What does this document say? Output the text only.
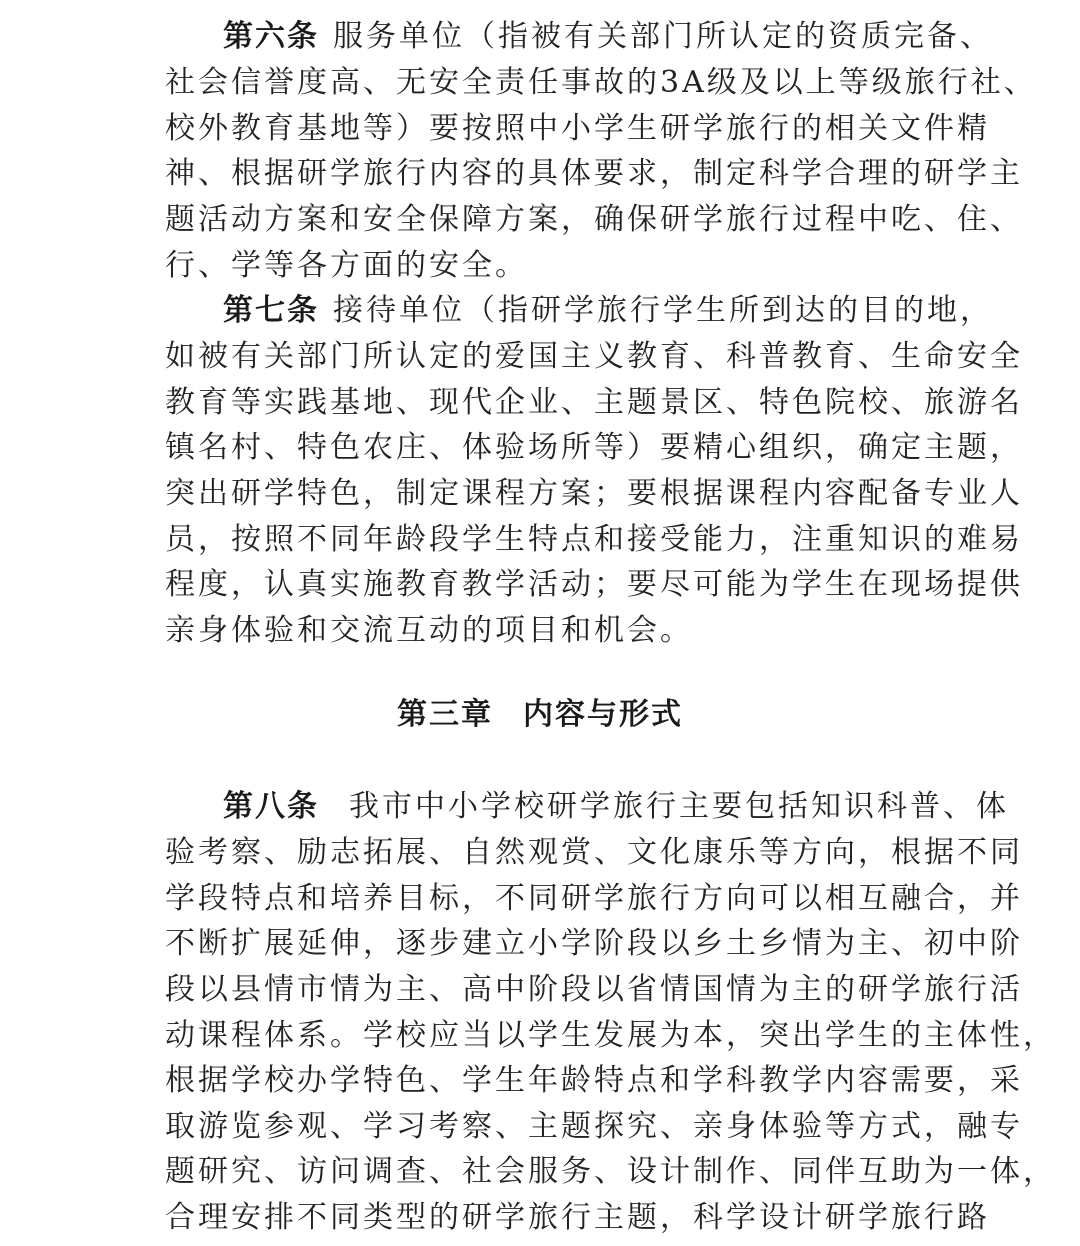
第六条 服务单位（指被有关部门所认定的资质完备、
社会信誉度高、无安全责任事故的3A级及以上等级旅行社、
校外教育基地等）要按照中小学生研学旅行的相关文件精
神、根据研学旅行内容的具体要求，制定科学合理的研学主
题活动方案和安全保障方案，确保研学旅行过程中吃、住、
行、学等各方面的安全。
第七条 接待单位（指研学旅行学生所到达的目的地，
如被有关部门所认定的爱国主义教育、科普教育、生命安全
教育等实践基地、现代企业、主题景区、特色院校、旅游名
镇名村、特色农庄、体验场所等）要精心组织，确定主题，
突出研学特色，制定课程方案；要根据课程内容配备专业人
员，按照不同年龄段学生特点和接受能力，注重知识的难易
程度，认真实施教育教学活动；要尽可能为学生在现场提供
亲身体验和交流互动的项目和机会。
第三章 内容与形式
第八条 我市中小学校研学旅行主要包括知识科普、体
验考察、励志拓展、自然观赏、文化康乐等方向，根据不同
学段特点和培养目标，不同研学旅行方向可以相互融合，并
不断扩展延伸，逐步建立小学阶段以乡土乡情为主、初中阶
段以县情市情为主、高中阶段以省情国情为主的研学旅行活
动课程体系。学校应当以学生发展为本，突出学生的主体性，
根据学校办学特色、学生年龄特点和学科教学内容需要，采
取游览参观、学习考察、主题探究、亲身体验等方式，融专
题研究、访问调查、社会服务、设计制作、同伴互助为一体，
合理安排不同类型的研学旅行主题，科学设计研学旅行路
